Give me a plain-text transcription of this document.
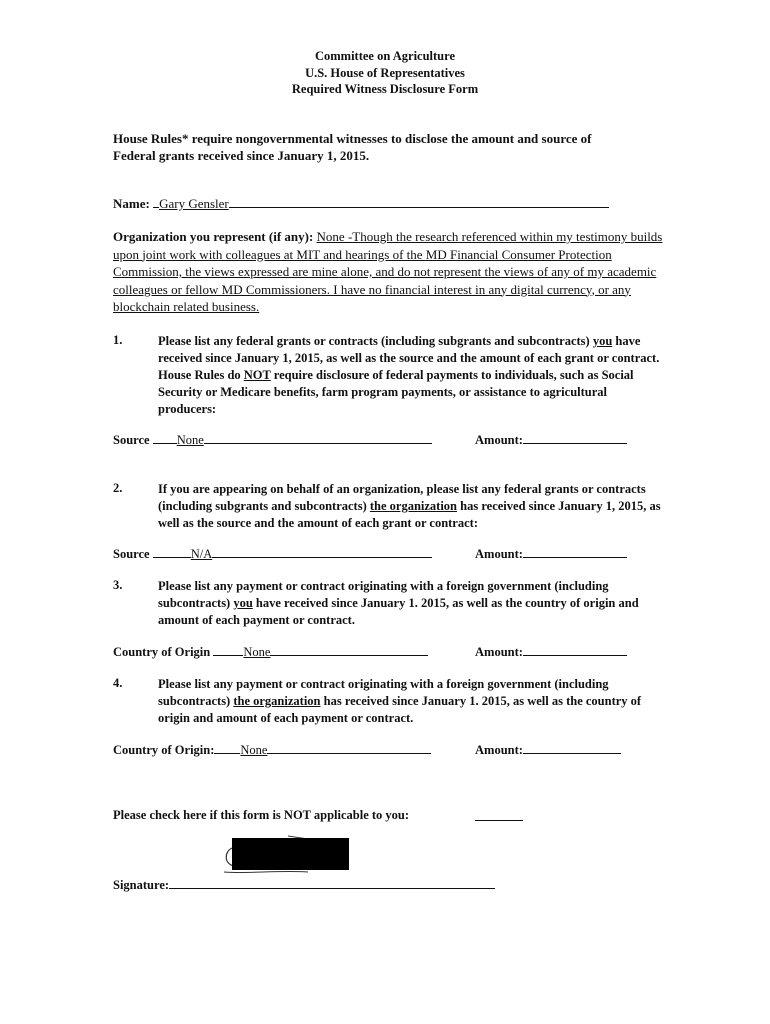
Committee on Agriculture
U.S. House of Representatives
Required Witness Disclosure Form
House Rules* require nongovernmental witnesses to disclose the amount and source of
Federal grants received since January 1, 2015.
Name: Gary Gensler
Organization you represent (if any): None -Though the research referenced within my testimony builds upon joint work with colleagues at MIT and hearings of the MD Financial Consumer Protection Commission, the views expressed are mine alone, and do not represent the views of any of my academic colleagues or fellow MD Commissioners. I have no financial interest in any digital currency, or any blockchain related business.
1.	Please list any federal grants or contracts (including subgrants and subcontracts) you have received since January 1, 2015, as well as the source and the amount of each grant or contract. House Rules do NOT require disclosure of federal payments to individuals, such as Social Security or Medicare benefits, farm program payments, or assistance to agricultural producers:
Source None	Amount:
2.	If you are appearing on behalf of an organization, please list any federal grants or contracts (including subgrants and subcontracts) the organization has received since January 1, 2015, as well as the source and the amount of each grant or contract:
Source	N/A	Amount:
3.	Please list any payment or contract originating with a foreign government (including subcontracts) you have received since January 1. 2015, as well as the country of origin and amount of each payment or contract.
Country of Origin	None	Amount:
4.	Please list any payment or contract originating with a foreign government (including subcontracts) the organization has received since January 1. 2015, as well as the country of origin and amount of each payment or contract.
Country of Origin: None	Amount:
Please check here if this form is NOT applicable to you:
Signature:
